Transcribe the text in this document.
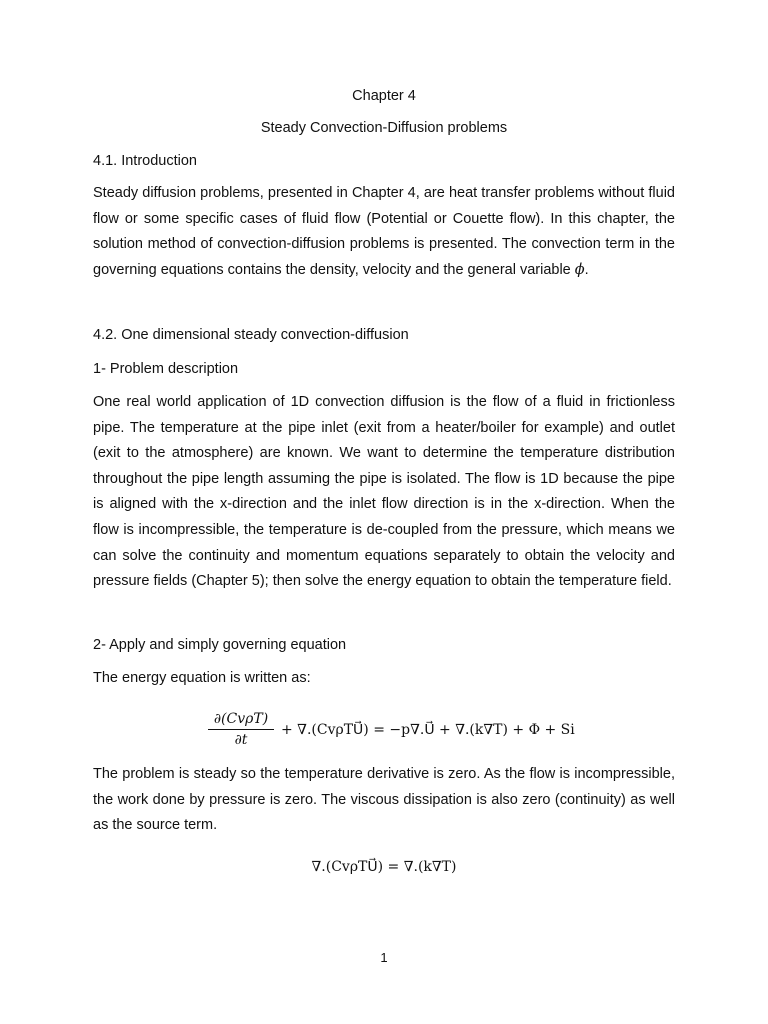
Chapter 4
Steady Convection-Diffusion problems
4.1. Introduction

Steady diffusion problems, presented in Chapter 4, are heat transfer problems without fluid flow or some specific cases of fluid flow (Potential or Couette flow). In this chapter, the solution method of convection-diffusion problems is presented. The convection term in the governing equations contains the density, velocity and the general variable ϕ.

4.2. One dimensional steady convection-diffusion
1- Problem description

One real world application of 1D convection diffusion is the flow of a fluid in frictionless pipe. The temperature at the pipe inlet (exit from a heater/boiler for example) and outlet (exit to the atmosphere) are known. We want to determine the temperature distribution throughout the pipe length assuming the pipe is isolated. The flow is 1D because the pipe is aligned with the x-direction and the inlet flow direction is in the x-direction. When the flow is incompressible, the temperature is de-coupled from the pressure, which means we can solve the continuity and momentum equations separately to obtain the velocity and pressure fields (Chapter 5); then solve the energy equation to obtain the temperature field.

2- Apply and simply governing equation
The energy equation is written as:
∂(CvρT)
∂t
+ ∇.(CvρTU⃗) = −p∇.U⃗ + ∇.(k∇T) + Φ + Si

The problem is steady so the temperature derivative is zero. As the flow is incompressible, the work done by pressure is zero. The viscous dissipation is also zero (continuity) as well as the source term.

∇.(CvρTU⃗) = ∇.(k∇T)
1
